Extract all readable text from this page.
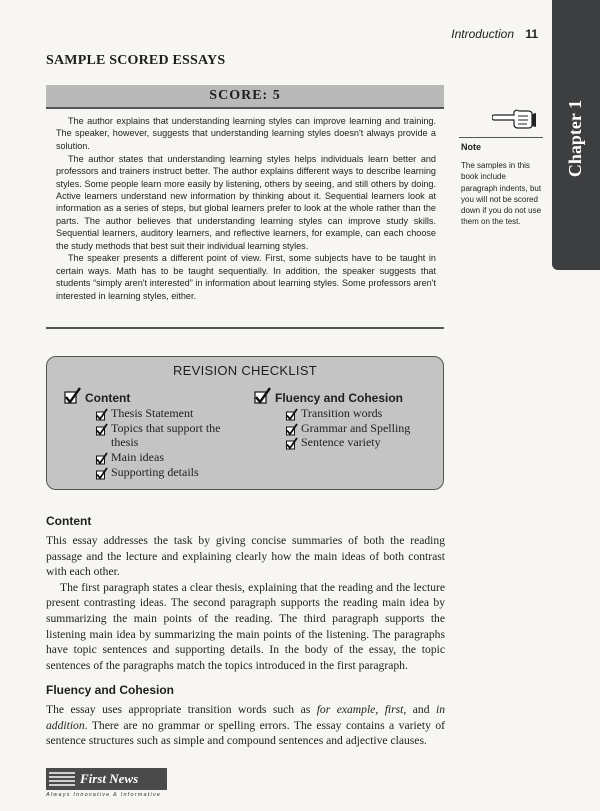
Introduction 11
Chapter 1
SAMPLE SCORED ESSAYS
SCORE: 5

The author explains that understanding learning styles can improve learning and training. The speaker, however, suggests that understanding learning styles doesn't always provide a solution.

The author states that understanding learning styles helps individuals learn better and professors and trainers instruct better. The author explains different ways to describe learning styles. Some people learn more easily by listening, others by seeing, and still others by doing. Active learners understand new information by thinking about it. Sequential learners look at information as a series of steps, but global learners prefer to look at the whole rather than the parts. The author believes that understanding learning styles can improve study skills. Sequential learners, auditory learners, and reflective learners, for example, can each choose the study methods that best suit their individual learning styles.

The speaker presents a different point of view. First, some subjects have to be taught in certain ways. Math has to be taught sequentially. In addition, the speaker suggests that students “simply aren't interested” in information about learning styles. Some professors aren't interested in learning styles, either.

Note
The samples in this book include paragraph indents, but you will not be scored down if you do not use them on the test.
REVISION CHECKLIST
Content
Thesis Statement
Topics that support the
thesis
Main ideas
Supporting details
Fluency and Cohesion
Transition words
Grammar and Spelling
Sentence variety
Content

This essay addresses the task by giving concise summaries of both the reading passage and the lecture and explaining clearly how the main ideas of both contrast with each other.

The first paragraph states a clear thesis, explaining that the reading and the lecture present contrasting ideas. The second paragraph supports the reading main idea by summarizing the main points of the reading. The third paragraph supports the listening main idea by summarizing the main points of the listening. The paragraphs have topic sentences and supporting details. In the body of the essay, the topic sentences of the paragraphs match the topics introduced in the first paragraph.

Fluency and Cohesion

The essay uses appropriate transition words such as for example, first, and in addition. There are no grammar or spelling errors. The essay contains a variety of sentence structures such as simple and compound sentences and adjective clauses.

First News
Always Innovative & Informative
